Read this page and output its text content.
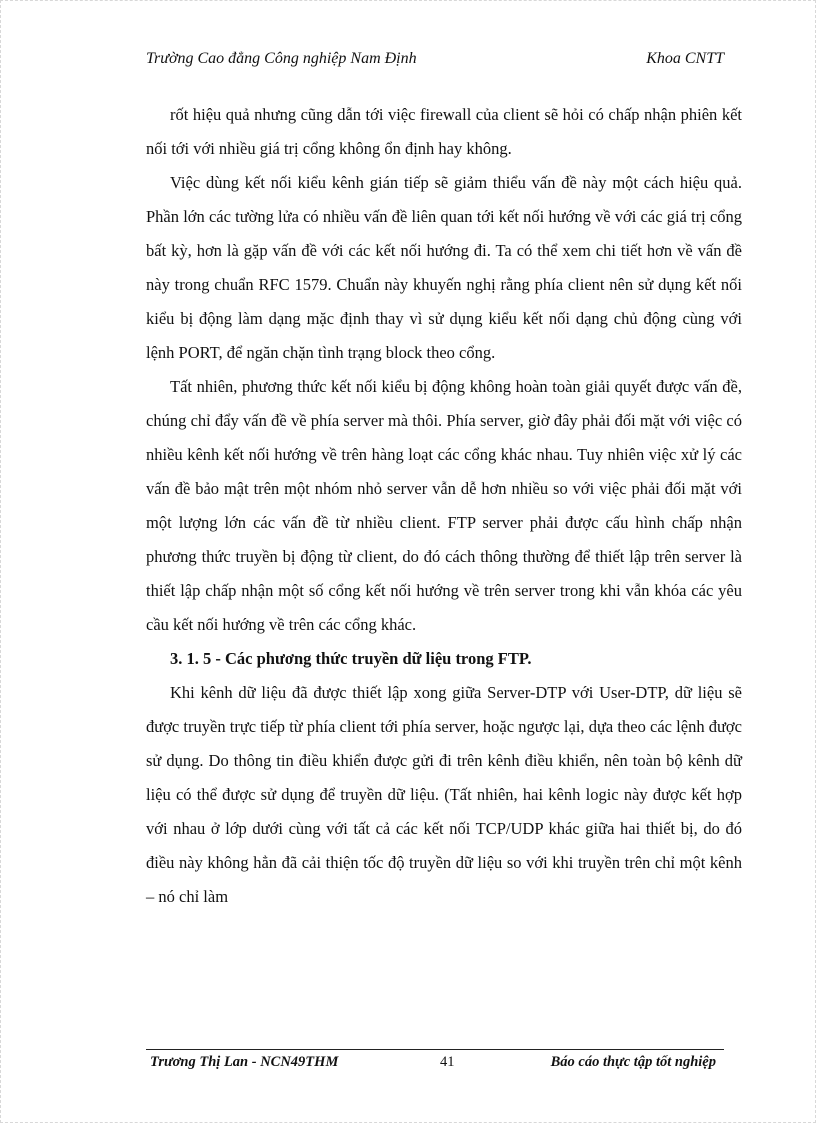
Trường Cao đẳng Công nghiệp Nam Định	Khoa CNTT

rốt hiệu quả nhưng cũng dẫn tới việc firewall của client sẽ hỏi có chấp nhận phiên kết nối tới với nhiều giá trị cổng không ổn định hay không.

Việc dùng kết nối kiểu kênh gián tiếp sẽ giảm thiểu vấn đề này một cách hiệu quả. Phần lớn các tường lửa có nhiều vấn đề liên quan tới kết nối hướng về với các giá trị cổng bất kỳ, hơn là gặp vấn đề với các kết nối hướng đi. Ta có thể xem chi tiết hơn về vấn đề này trong chuẩn RFC 1579. Chuẩn này khuyến nghị rằng phía client nên sử dụng kết nối kiểu bị động làm dạng mặc định thay vì sử dụng kiểu kết nối dạng chủ động cùng với lệnh PORT, để ngăn chặn tình trạng block theo cổng.

Tất nhiên, phương thức kết nối kiểu bị động không hoàn toàn giải quyết được vấn đề, chúng chỉ đẩy vấn đề về phía server mà thôi. Phía server, giờ đây phải đối mặt với việc có nhiều kênh kết nối hướng về trên hàng loạt các cổng khác nhau. Tuy nhiên việc xử lý các vấn đề bảo mật trên một nhóm nhỏ server vẫn dễ hơn nhiều so với việc phải đối mặt với một lượng lớn các vấn đề từ nhiều client. FTP server phải được cấu hình chấp nhận phương thức truyền bị động từ client, do đó cách thông thường để thiết lập trên server là thiết lập chấp nhận một số cổng kết nối hướng về trên server trong khi vẫn khóa các yêu cầu kết nối hướng về trên các cổng khác.

3. 1. 5 - Các phương thức truyền dữ liệu trong FTP.

Khi kênh dữ liệu đã được thiết lập xong giữa Server-DTP với User-DTP, dữ liệu sẽ được truyền trực tiếp từ phía client tới phía server, hoặc ngược lại, dựa theo các lệnh được sử dụng. Do thông tin điều khiển được gửi đi trên kênh điều khiển, nên toàn bộ kênh dữ liệu có thể được sử dụng để truyền dữ liệu. (Tất nhiên, hai kênh logic này được kết hợp với nhau ở lớp dưới cùng với tất cả các kết nối TCP/UDP khác giữa hai thiết bị, do đó điều này không hẳn đã cải thiện tốc độ truyền dữ liệu so với khi truyền trên chỉ một kênh – nó chỉ làm

Trương Thị Lan - NCN49THM	41	Báo cáo thực tập tốt nghiệp
